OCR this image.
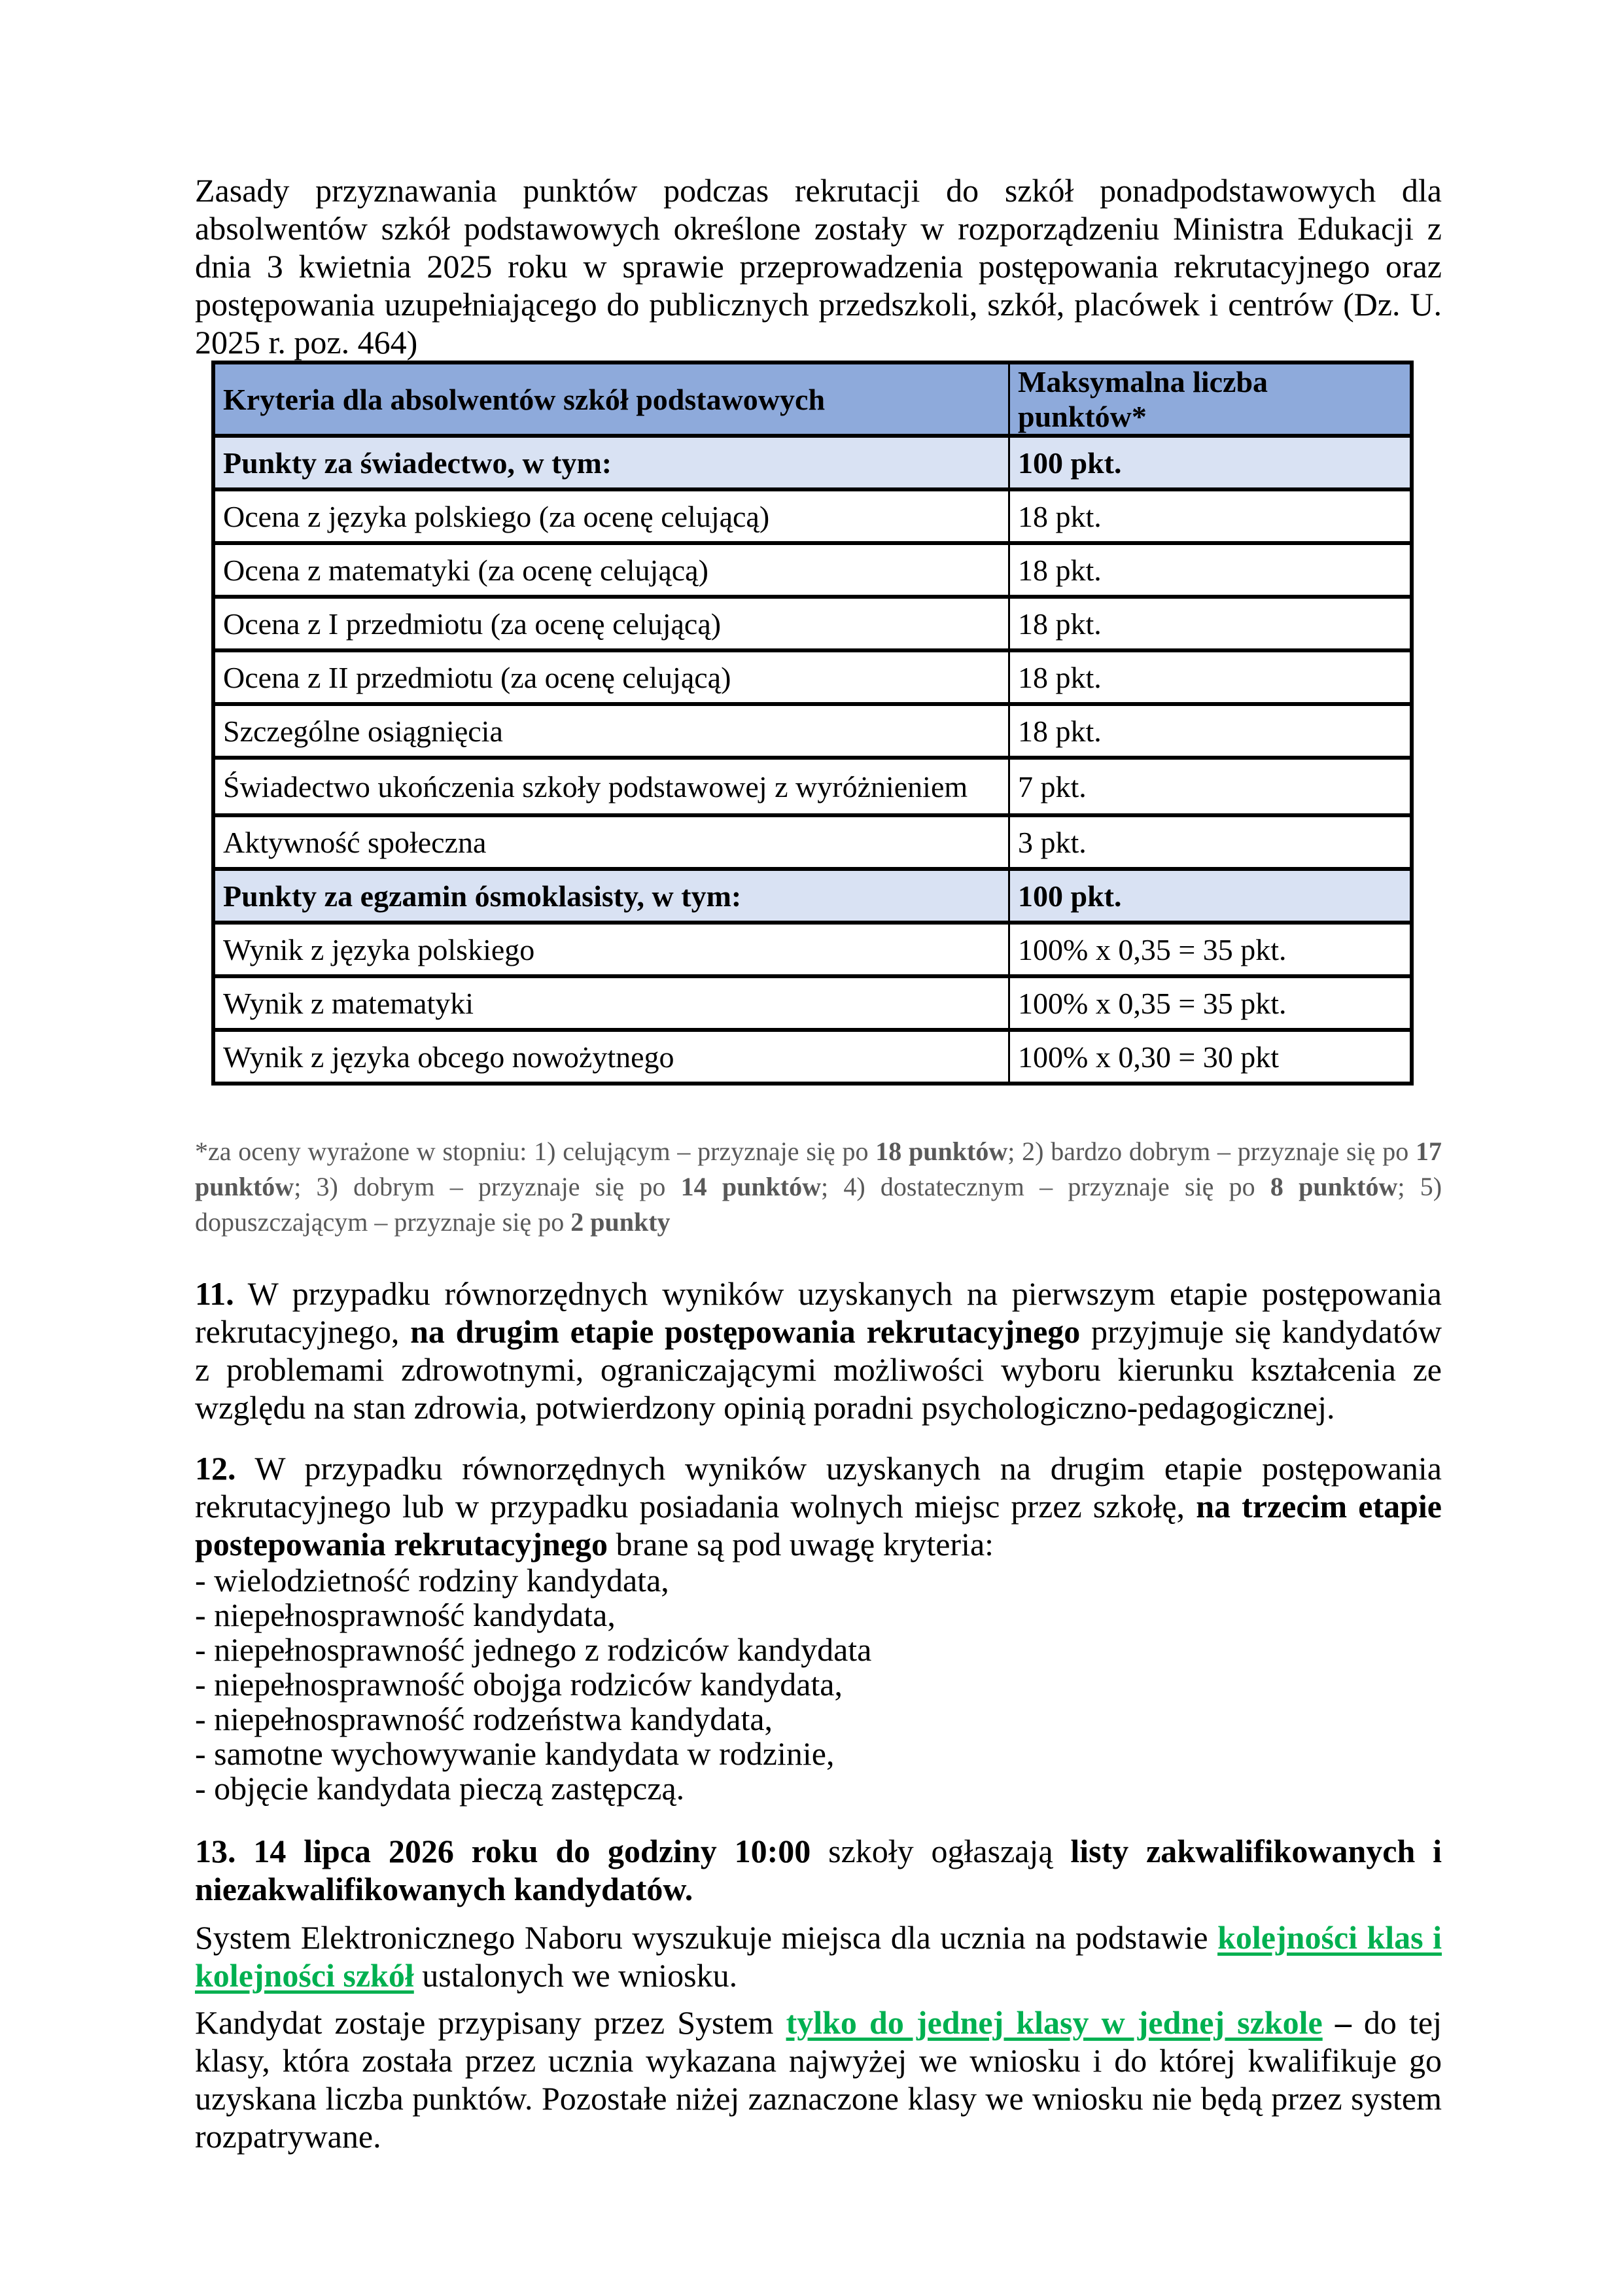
Zasady przyznawania punktów podczas rekrutacji do szkół ponadpodstawowych dla absolwentów szkół podstawowych określone zostały w rozporządzeniu Ministra Edukacji z dnia 3 kwietnia 2025 roku w sprawie przeprowadzenia postępowania rekrutacyjnego oraz postępowania uzupełniającego do publicznych przedszkoli, szkół, placówek i centrów (Dz. U. 2025 r. poz. 464)

Kryteria dla absolwentów szkół podstawowych	Maksymalna liczba punktów*
Punkty za świadectwo, w tym:	100 pkt.
Ocena z języka polskiego (za ocenę celującą)	18 pkt.
Ocena z matematyki (za ocenę celującą)	18 pkt.
Ocena z I przedmiotu (za ocenę celującą)	18 pkt.
Ocena z II przedmiotu (za ocenę celującą)	18 pkt.
Szczególne osiągnięcia	18 pkt.
Świadectwo ukończenia szkoły podstawowej z wyróżnieniem	7 pkt.
Aktywność społeczna	3 pkt.
Punkty za egzamin ósmoklasisty, w tym:	100 pkt.
Wynik z języka polskiego	100% x 0,35 = 35 pkt.
Wynik z matematyki	100% x 0,35 = 35 pkt.
Wynik z języka obcego nowożytnego	100% x 0,30 = 30 pkt

*za oceny wyrażone w stopniu: 1) celującym – przyznaje się po 18 punktów; 2) bardzo dobrym – przyznaje się po 17 punktów; 3) dobrym – przyznaje się po 14 punktów; 4) dostatecznym – przyznaje się po 8 punktów; 5) dopuszczającym – przyznaje się po 2 punkty

11. W przypadku równorzędnych wyników uzyskanych na pierwszym etapie postępowania rekrutacyjnego, na drugim etapie postępowania rekrutacyjnego przyjmuje się kandydatów z problemami zdrowotnymi, ograniczającymi możliwości wyboru kierunku kształcenia ze względu na stan zdrowia, potwierdzony opinią poradni psychologiczno-pedagogicznej.

12. W przypadku równorzędnych wyników uzyskanych na drugim etapie postępowania rekrutacyjnego lub w przypadku posiadania wolnych miejsc przez szkołę, na trzecim etapie postepowania rekrutacyjnego brane są pod uwagę kryteria:

- wielodzietność rodziny kandydata,
- niepełnosprawność kandydata,
- niepełnosprawność jednego z rodziców kandydata
- niepełnosprawność obojga rodziców kandydata,
- niepełnosprawność rodzeństwa kandydata,
- samotne wychowywanie kandydata w rodzinie,
- objęcie kandydata pieczą zastępczą.

13. 14 lipca 2026 roku do godziny 10:00 szkoły ogłaszają listy zakwalifikowanych i niezakwalifikowanych kandydatów.

System Elektronicznego Naboru wyszukuje miejsca dla ucznia na podstawie kolejności klas i kolejności szkół ustalonych we wniosku.

Kandydat zostaje przypisany przez System tylko do jednej klasy w jednej szkole – do tej klasy, która została przez ucznia wykazana najwyżej we wniosku i do której kwalifikuje go uzyskana liczba punktów. Pozostałe niżej zaznaczone klasy we wniosku nie będą przez system rozpatrywane.
